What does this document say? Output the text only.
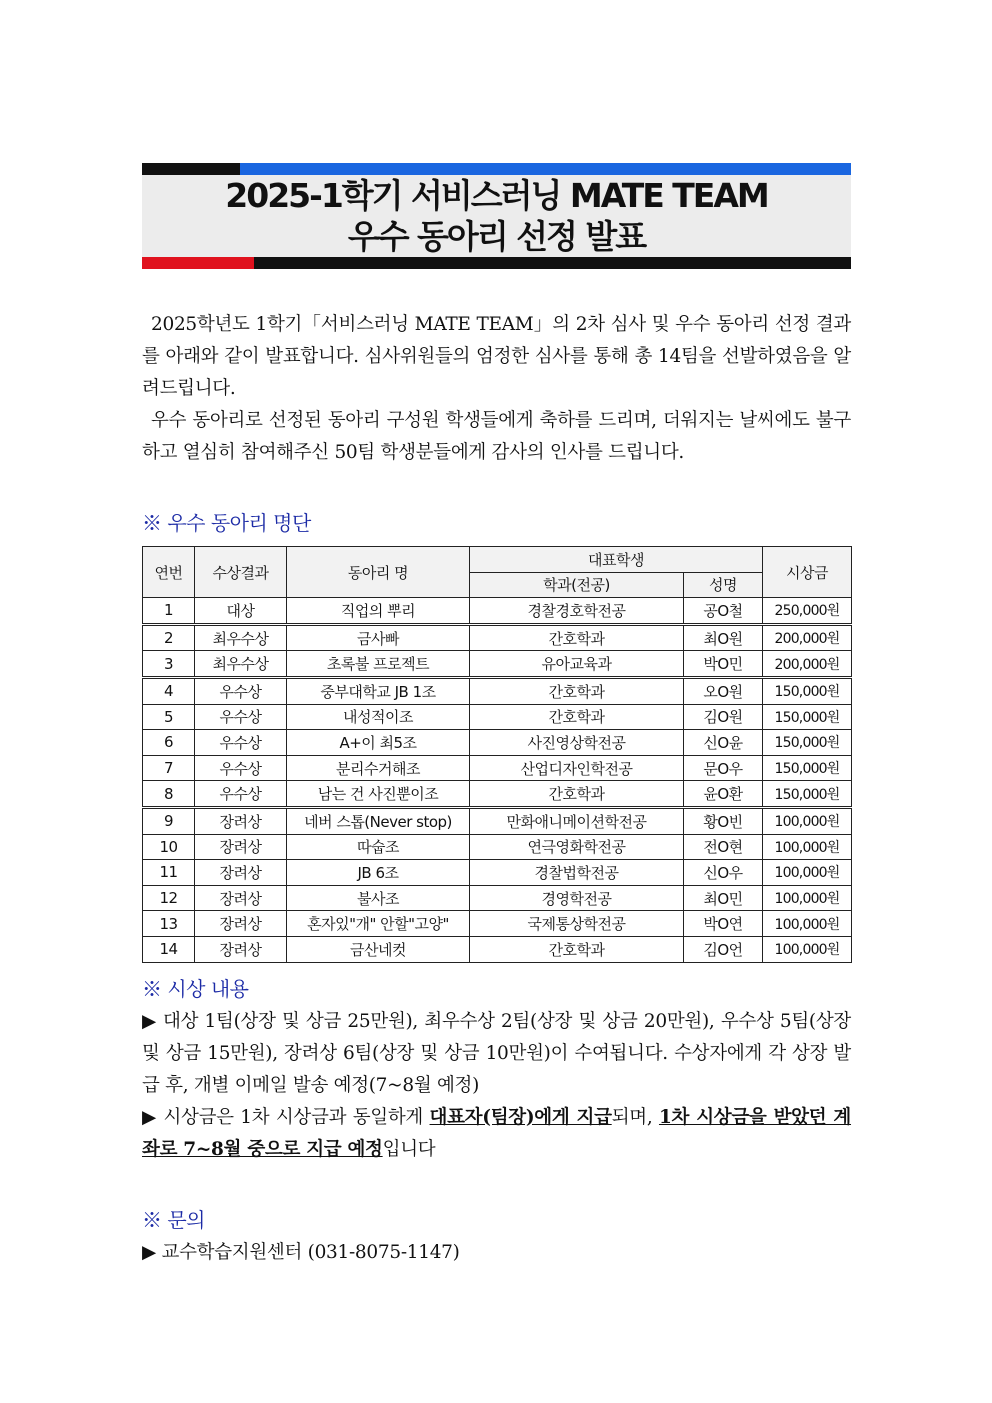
2025-1학기 서비스러닝 MATE TEAM
우수 동아리 선정 발표

2025학년도 1학기「서비스러닝 MATE TEAM」의 2차 심사 및 우수 동아리 선정 결과를 아래와 같이 발표합니다. 심사위원들의 엄정한 심사를 통해 총 14팀을 선발하였음을 알려드립니다.

우수 동아리로 선정된 동아리 구성원 학생들에게 축하를 드리며, 더워지는 날씨에도 불구하고 열심히 참여해주신 50팀 학생분들에게 감사의 인사를 드립니다.

※ 우수 동아리 명단
연번	수상결과	동아리 명	대표학생		시상금
			학과(전공)	성명	
1	대상	직업의 뿌리	경찰경호학전공	공O철	250,000원
2	최우수상	금사빠	간호학과	최O원	200,000원
3	최우수상	초록불 프로젝트	유아교육과	박O민	200,000원
4	우수상	중부대학교 JB 1조	간호학과	오O원	150,000원
5	우수상	내성적이조	간호학과	김O원	150,000원
6	우수상	A+이 최5조	사진영상학전공	신O윤	150,000원
7	우수상	분리수거해조	산업디자인학전공	문O우	150,000원
8	우수상	남는 건 사진뿐이조	간호학과	윤O환	150,000원
9	장려상	네버 스톱(Never stop)	만화애니메이션학전공	황O빈	100,000원
10	장려상	따숩조	연극영화학전공	전O현	100,000원
11	장려상	JB 6조	경찰법학전공	신O우	100,000원
12	장려상	불사조	경영학전공	최O민	100,000원
13	장려상	혼자있"개" 안할"고양"	국제통상학전공	박O연	100,000원
14	장려상	금산네컷	간호학과	김O언	100,000원
※ 시상 내용

▶ 대상 1팀(상장 및 상금 25만원), 최우수상 2팀(상장 및 상금 20만원), 우수상 5팀(상장 및 상금 15만원), 장려상 6팀(상장 및 상금 10만원)이 수여됩니다. 수상자에게 각 상장 발급 후, 개별 이메일 발송 예정(7~8월 예정)

▶ 시상금은 1차 시상금과 동일하게 대표자(팀장)에게 지급되며, 1차 시상금을 받았던 계좌로 7~8월 중으로 지급 예정입니다

※ 문의

▶ 교수학습지원센터 (031-8075-1147)
